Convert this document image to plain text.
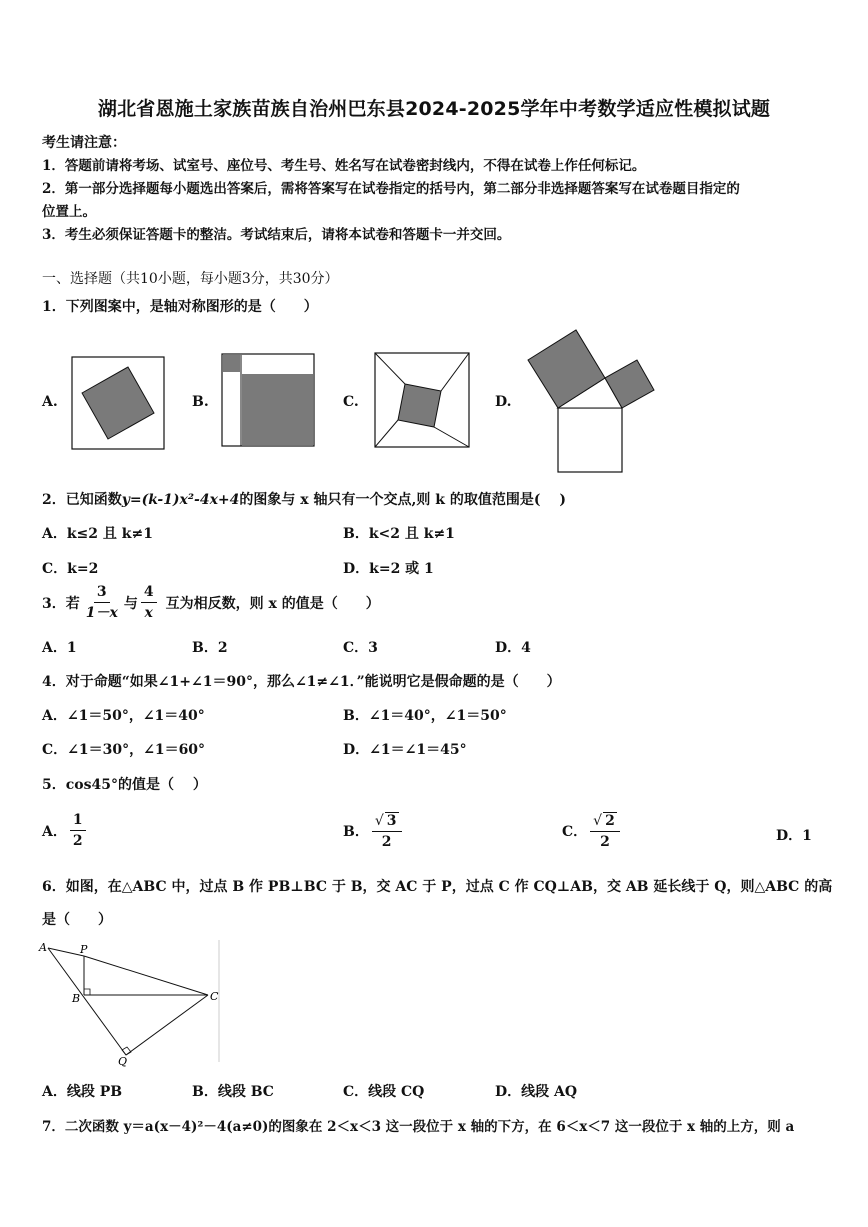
湖北省恩施土家族苗族自治州巴东县2024-2025学年中考数学适应性模拟试题
考生请注意：
1．答题前请将考场、试室号、座位号、考生号、姓名写在试卷密封线内，不得在试卷上作任何标记。
2．第一部分选择题每小题选出答案后，需将答案写在试卷指定的括号内，第二部分非选择题答案写在试卷题目指定的
位置上。
3．考生必须保证答题卡的整洁。考试结束后，请将本试卷和答题卡一并交回。
一、选择题（共10小题，每小题3分，共30分）
1．下列图案中，是轴对称图形的是（　　）
A.	B.	C.	D.
2．已知函数y=(k-1)x²-4x+4的图象与 x 轴只有一个交点,则 k 的取值范围是(　 )
A．k≤2 且 k≠1	B．k<2 且 k≠1
C．k=2	D．k=2 或 1
3．若 $\frac{3}{1-x}$ 与 $\frac{4}{x}$ 互为相反数，则 x 的值是（　　）
A．1	B．2	C．3	D．4
4．对于命题“如果∠1+∠1＝90°，那么∠1≠∠1．”能说明它是假命题的是（　　）
A．∠1＝50°，∠1＝40°	B．∠1＝40°，∠1＝50°
C．∠1＝30°，∠1＝60°	D．∠1＝∠1＝45°
5．cos45°的值是（　 ）
A． $\frac{1}{2}$	B． $\frac{√ 3}{2}$	C． $\frac{√ 2}{2}$	D．1
6．如图，在△ABC 中，过点 B 作 PB⊥BC 于 B，交 AC 于 P，过点 C 作 CQ⊥AB，交 AB 延长线于 Q，则△ABC 的高
是（　　）
A	P
B	C
Q
A．线段 PB	B．线段 BC	C．线段 CQ	D．线段 AQ
7．二次函数 y＝a(x－4)²－4(a≠0)的图象在 2＜x＜3 这一段位于 x 轴的下方，在 6＜x＜7 这一段位于 x 轴的上方，则 a
